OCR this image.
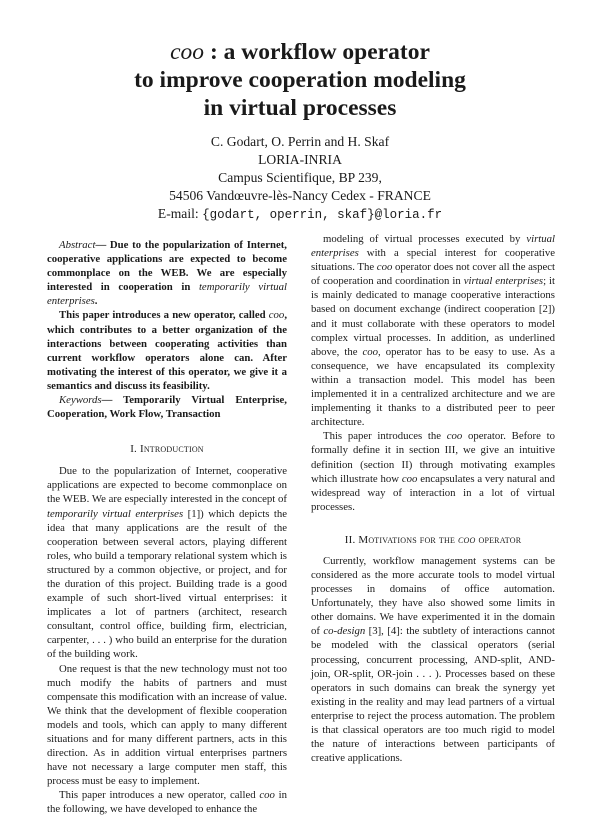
coo : a workflow operator
to improve cooperation modeling
in virtual processes
C. Godart, O. Perrin and H. Skaf
LORIA-INRIA
Campus Scientifique, BP 239,
54506 Vandœuvre-lès-Nancy Cedex - FRANCE
E-mail: {godart, operrin, skaf}@loria.fr

Abstract— Due to the popularization of Internet, cooperative applications are expected to become commonplace on the WEB. We are especially interested in cooperation in temporarily virtual enterprises.

This paper introduces a new operator, called coo, which contributes to a better organization of the interactions between cooperating activities than current workflow operators alone can. After motivating the interest of this operator, we give it a semantics and discuss its feasibility.

Keywords— Temporarily Virtual Enterprise, Cooperation, Work Flow, Transaction

I. Introduction

Due to the popularization of Internet, cooperative applications are expected to become commonplace on the WEB. We are especially interested in the concept of temporarily virtual enterprises [1]) which depicts the idea that many applications are the result of the cooperation between several actors, playing different roles, who build a temporary relational system which is structured by a common objective, or project, and for the duration of this project. Building trade is a good example of such short-lived virtual enterprises: it implicates a lot of partners (architect, research consultant, control office, building firm, electrician, carpenter, . . . ) who build an enterprise for the duration of the building work.

One request is that the new technology must not too much modify the habits of partners and must compensate this modification with an increase of value. We think that the development of flexible cooperation models and tools, which can apply to many different situations and for many different partners, acts in this direction. As in addition virtual enterprises partners have not necessary a large computer men staff, this process must be easy to implement.

This paper introduces a new operator, called coo in the following, we have developed to enhance the

modeling of virtual processes executed by virtual enterprises with a special interest for cooperative situations. The coo operator does not cover all the aspect of cooperation and coordination in virtual enterprises; it is mainly dedicated to manage cooperative interactions based on document exchange (indirect cooperation [2]) and it must collaborate with these operators to model complex virtual processes. In addition, as underlined above, the coo, operator has to be easy to use. As a consequence, we have encapsulated its complexity within a transaction model. This model has been implemented it in a centralized architecture and we are implementing it thanks to a distributed peer to peer architecture.

This paper introduces the coo operator. Before to formally define it in section III, we give an intuitive definition (section II) through motivating examples which illustrate how coo encapsulates a very natural and widespread way of interaction in a lot of virtual processes.

II. Motivations for the coo operator

Currently, workflow management systems can be considered as the more accurate tools to model virtual processes in domains of office automation. Unfortunately, they have also showed some limits in other domains. We have experimented it in the domain of co-design [3], [4]: the subtlety of interactions cannot be modeled with the classical operators (serial processing, concurrent processing, AND-split, AND-join, OR-split, OR-join . . . ). Processes based on these operators in such domains can break the synergy yet existing in the reality and may lead partners of a virtual enterprise to reject the process automation. The problem is that classical operators are too much rigid to model the nature of interactions between participants of creative applications.
